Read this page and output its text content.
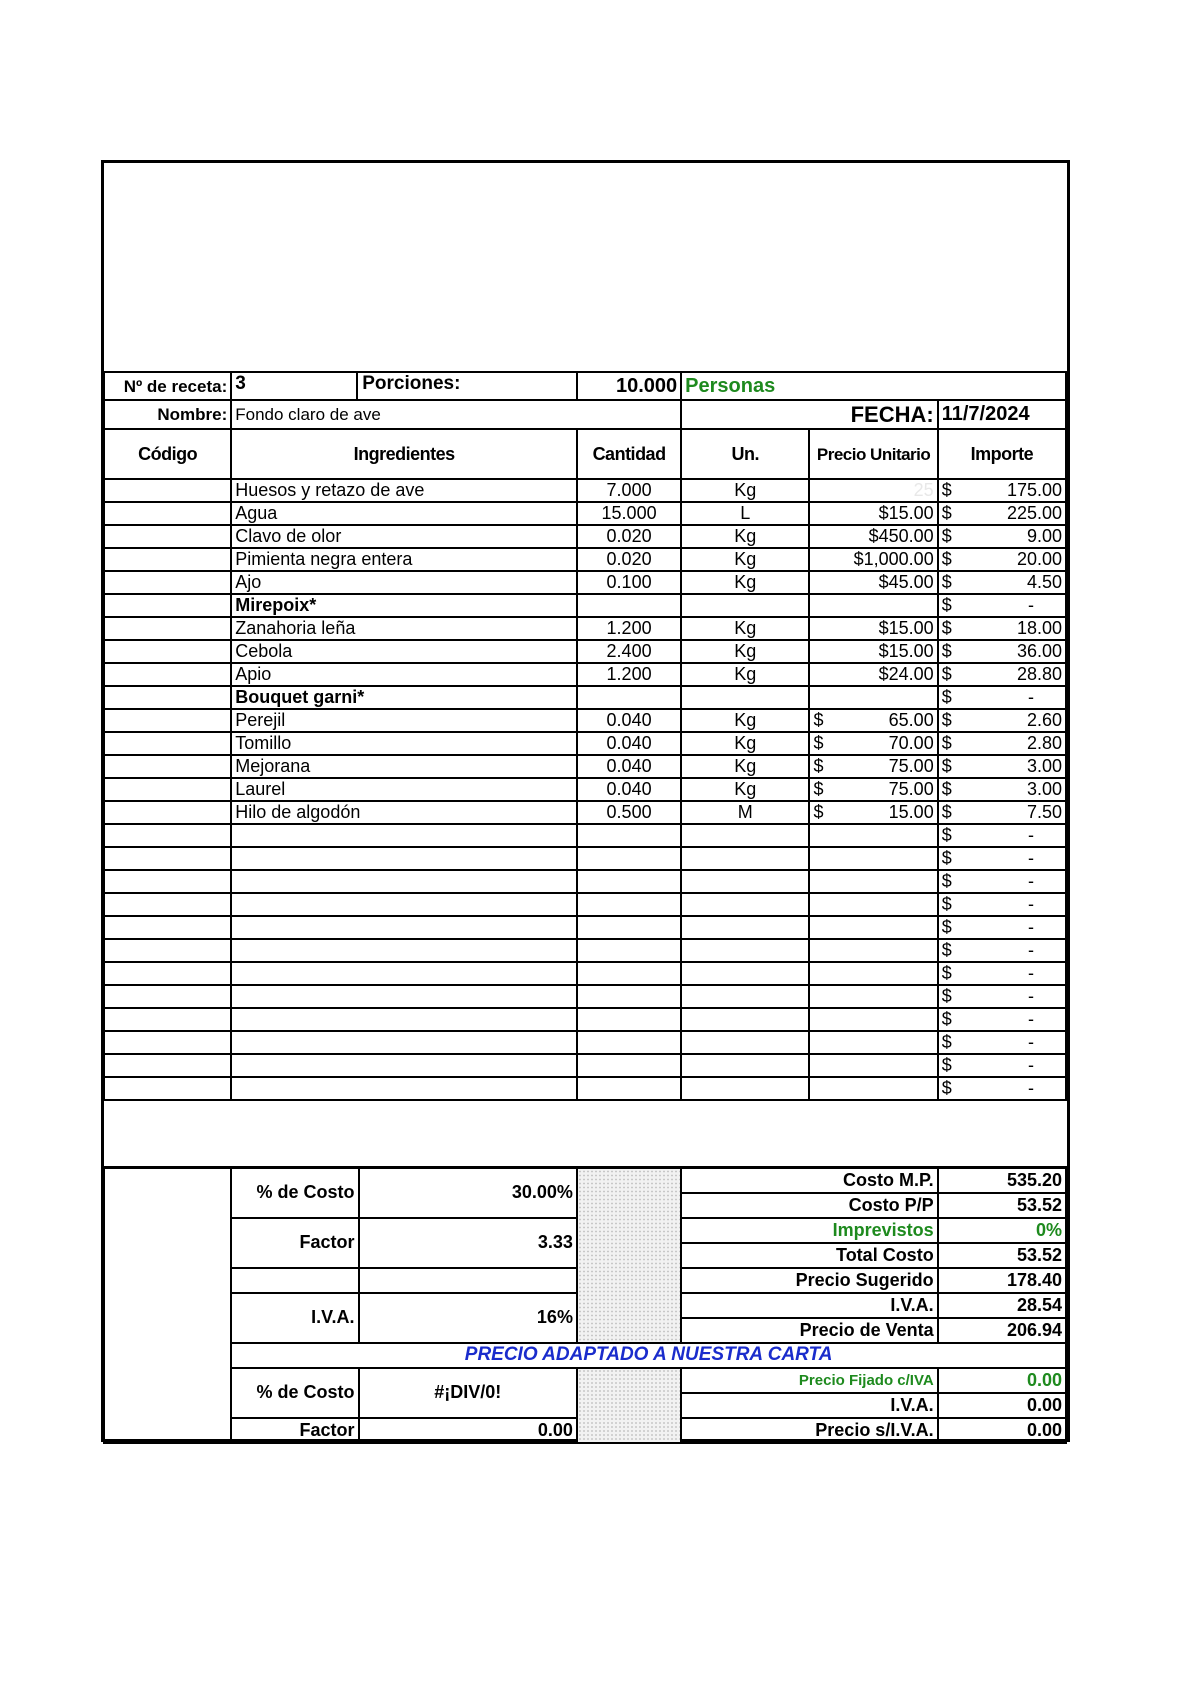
Nº de receta:	3 Porciones:	10.000	Personas		
Nombre:	Fondo claro de ave		FECHA:		11/7/2024
Código	Ingredientes	Cantidad	Un.	Precio Unitario	Importe
	Huesos y retazo de ave	7.000	Kg	25	$ 175.00

	Agua	15.000	L	$15.00	$ 225.00

	Clavo de olor	0.020	Kg	$450.00	$ 9.00

	Pimienta negra entera	0.020	Kg	$1,000.00	$ 20.00

	Ajo	0.100	Kg	$45.00	$ 4.50

	Mirepoix*				$ -

	Zanahoria leña	1.200	Kg	$15.00	$ 18.00

	Cebola	2.400	Kg	$15.00	$ 36.00

	Apio	1.200	Kg	$24.00	$ 28.80

	Bouquet garni*				$ -

	Perejil	0.040	Kg	$ 65.00	$ 2.60

	Tomillo	0.040	Kg	$ 70.00	$ 2.80

	Mejorana	0.040	Kg	$ 75.00	$ 3.00

	Laurel	0.040	Kg	$ 75.00	$ 3.00

	Hilo de algodón	0.500	M	$ 15.00	$ 7.50

					$ -

					$ -

					$ -

					$ -

					$ -

					$ -

					$ -

					$ -

					$ -

					$ -

					$ -

					$ -
	% de Costo	30.00%		Costo M.P.	535.20
				Costo P/P	53.52
	Factor	3.33		Imprevistos	0%
				Total Costo	53.52
				Precio Sugerido	178.40
	I.V.A.	16%		I.V.A.	28.54
				Precio de Venta	206.94
	PRECIO ADAPTADO A NUESTRA CARTA				
	% de Costo	#¡DIV/0!		Precio Fijado c/IVA	0.00
				I.V.A.	0.00
	Factor	0.00		Precio s/I.V.A.	0.00
